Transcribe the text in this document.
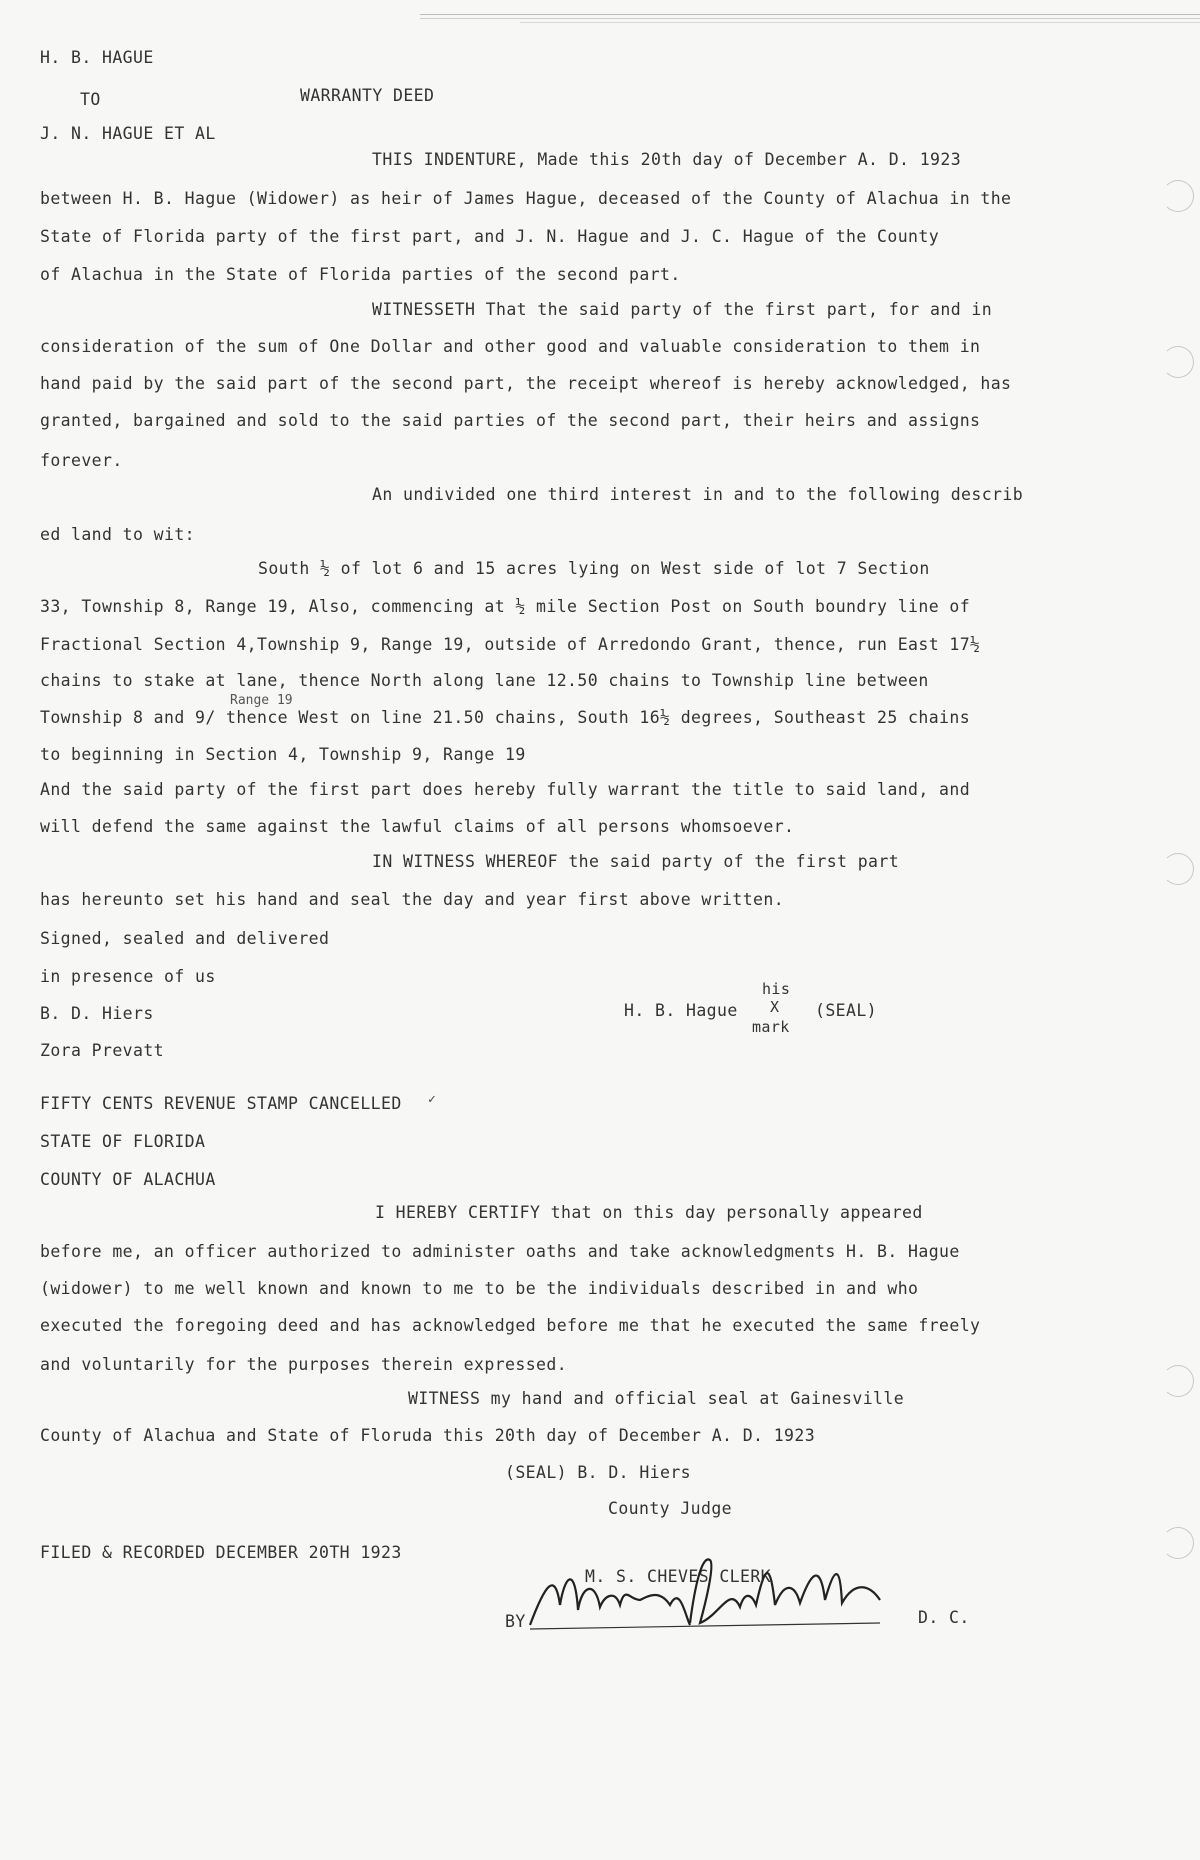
H. B. HAGUE
TO	WARRANTY DEED
J. N. HAGUE ET AL
THIS INDENTURE, Made this 20th day of December A. D. 1923
between H. B. Hague (Widower) as heir of James Hague, deceased of the County of Alachua in the
State of Florida party of the first part, and J. N. Hague and J. C. Hague of the County
of Alachua in the State of Florida parties of the second part.
WITNESSETH That the said party of the first part, for and in
consideration of the sum of One Dollar and other good and valuable consideration to them in
hand paid by the said part of the second part, the receipt whereof is hereby acknowledged, has
granted, bargained and sold to the said parties of the second part, their heirs and assigns
forever.
An undivided one third interest in and to the following describ
ed land to wit:
South ½ of lot 6 and 15 acres lying on West side of lot 7 Section
33, Township 8, Range 19, Also, commencing at ½ mile Section Post on South boundry line of
Fractional Section 4,Township 9, Range 19, outside of Arredondo Grant, thence, run East 17½
chains to stake at lane, thence North along lane 12.50 chains to Township line between
Range 19
Township 8 and 9/ thence West on line 21.50 chains, South 16½ degrees, Southeast 25 chains
to beginning in Section 4, Township 9, Range 19
And the said party of the first part does hereby fully warrant the title to said land, and
will defend the same against the lawful claims of all persons whomsoever.
IN WITNESS WHEREOF the said party of the first part
has hereunto set his hand and seal the day and year first above written.
Signed, sealed and delivered
in presence of us
B. D. Hiers
Zora Prevatt
his
H. B. Hague X (SEAL)
mark
FIFTY CENTS REVENUE STAMP CANCELLED ✓
STATE OF FLORIDA
COUNTY OF ALACHUA
I HEREBY CERTIFY that on this day personally appeared
before me, an officer authorized to administer oaths and take acknowledgments H. B. Hague
(widower) to me well known and known to me to be the individuals described in and who
executed the foregoing deed and has acknowledged before me that he executed the same freely
and voluntarily for the purposes therein expressed.
WITNESS my hand and official seal at Gainesville
County of Alachua and State of Floruda this 20th day of December A. D. 1923
(SEAL) B. D. Hiers
County Judge
FILED & RECORDED DECEMBER 20TH 1923
M. S. CHEVES CLERK
BY	D. C.
